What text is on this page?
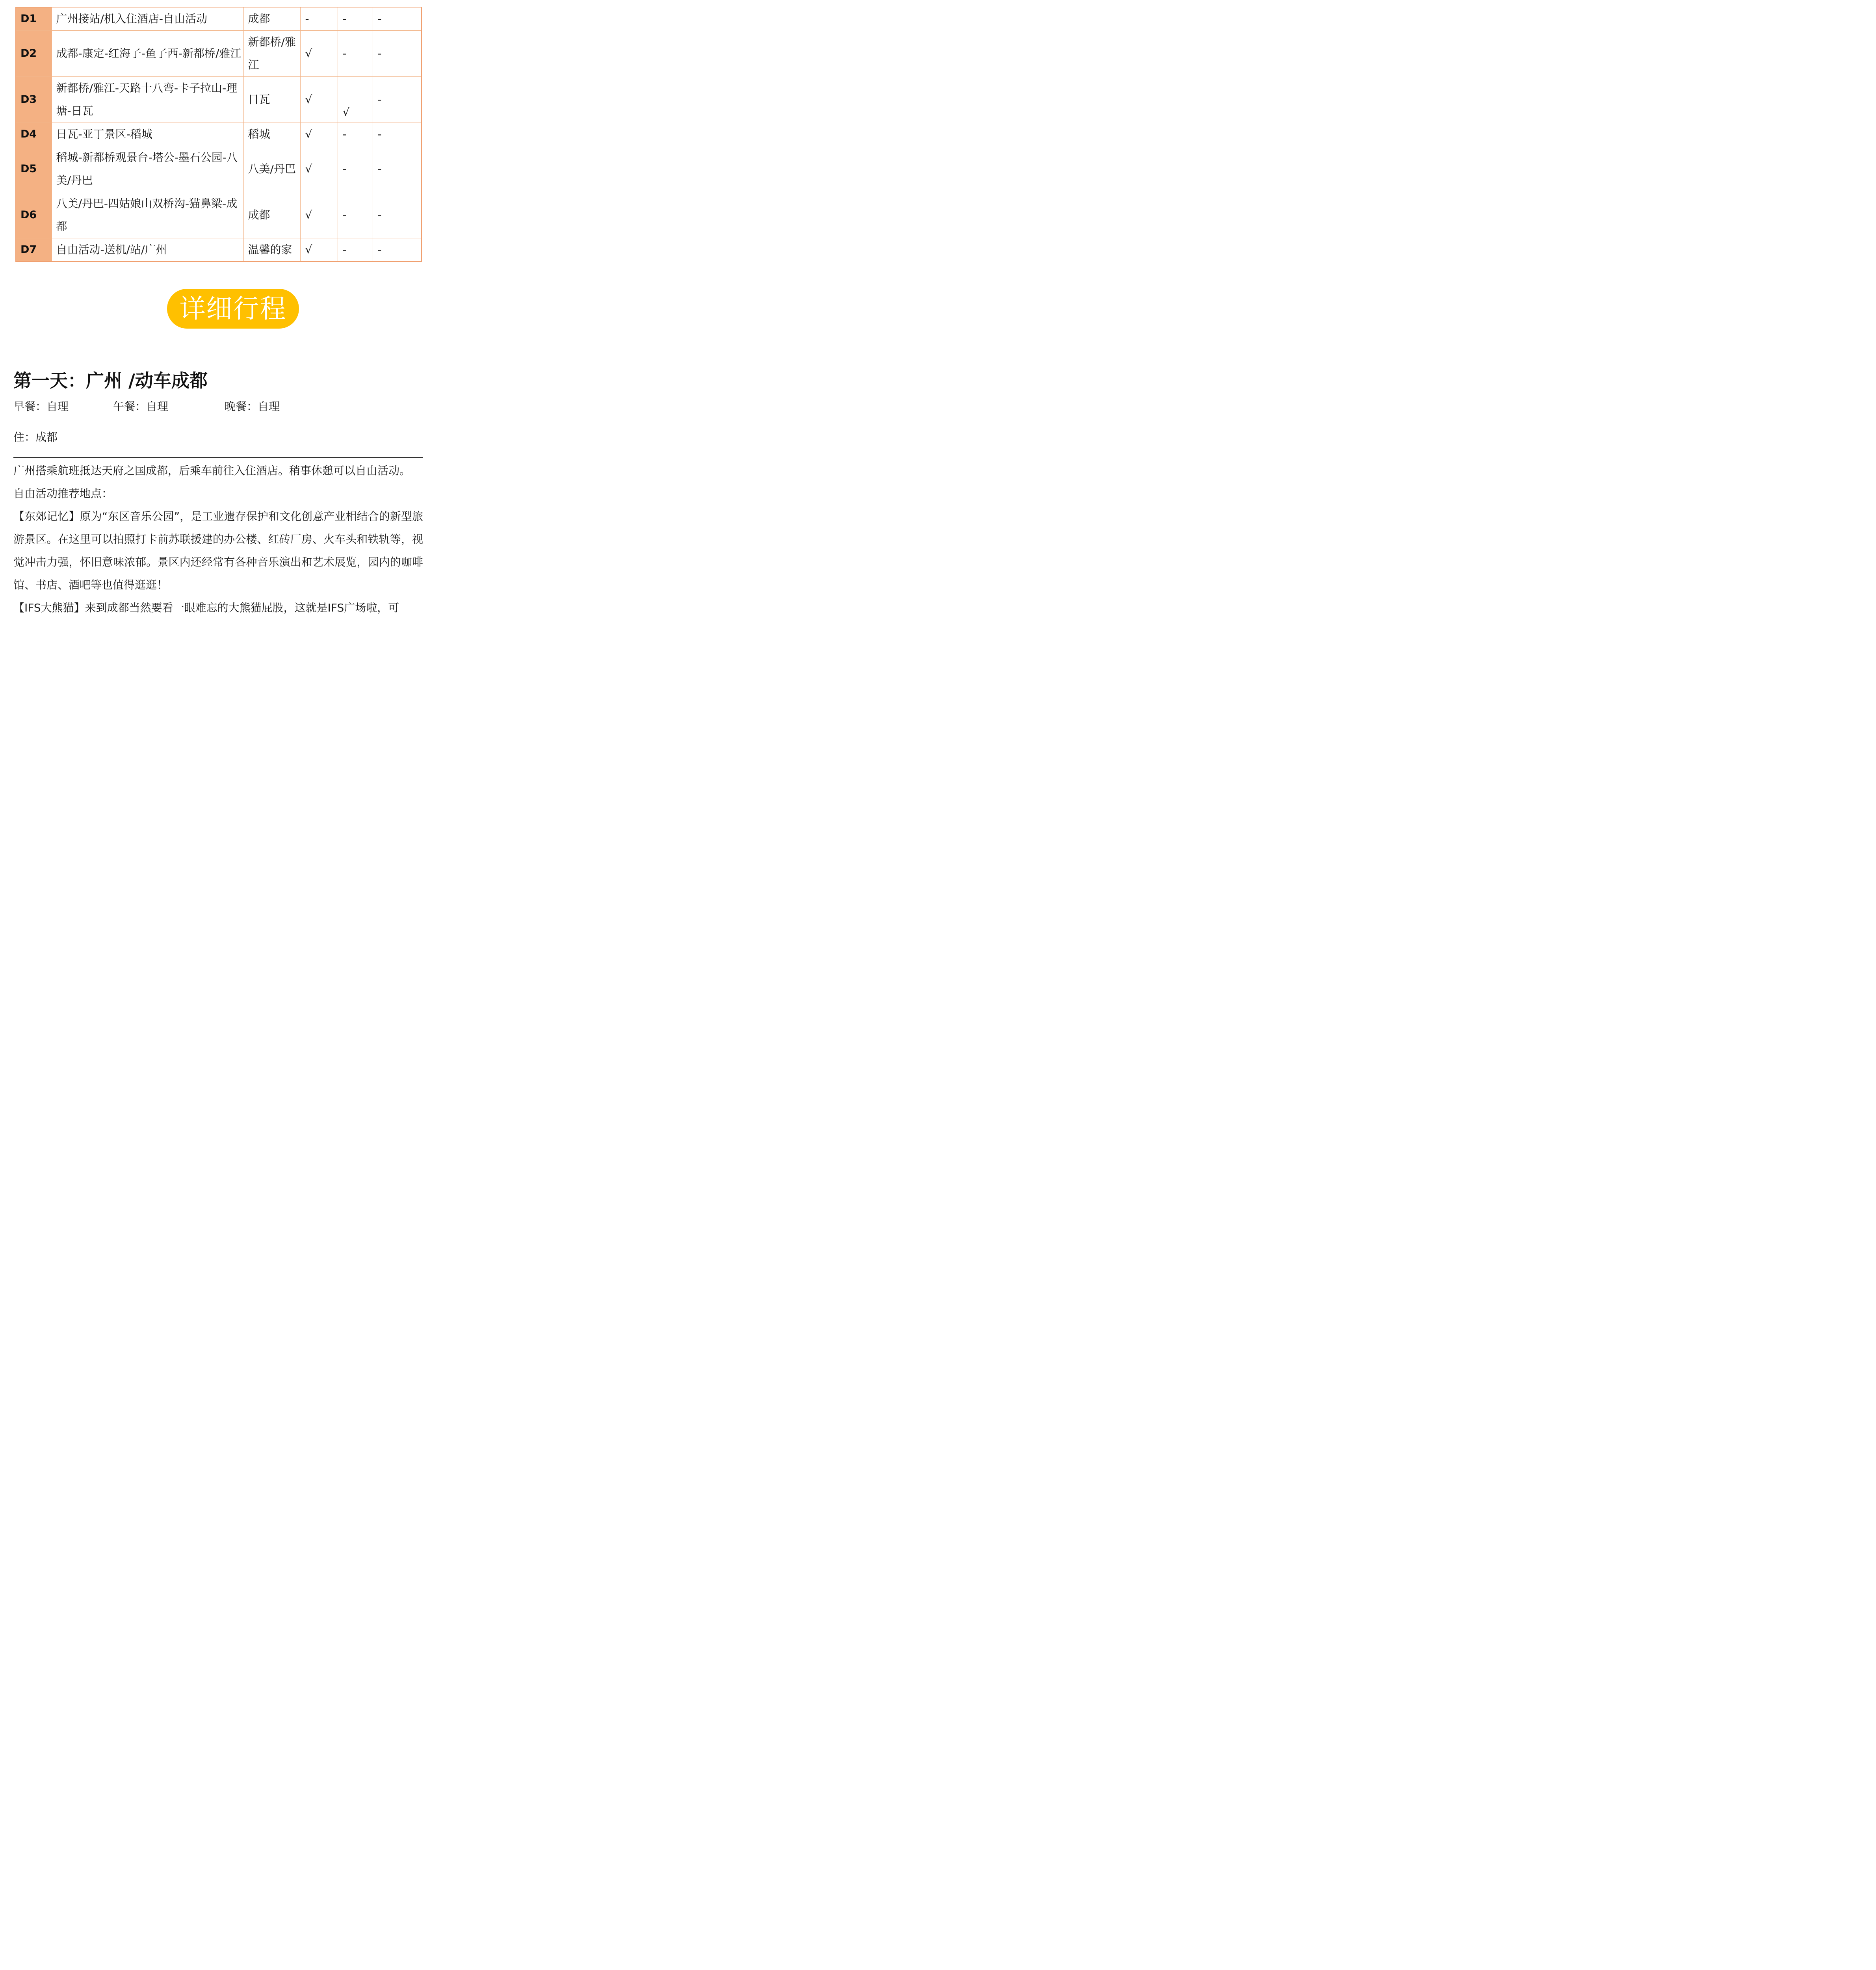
D1	广州接站/机入住酒店-自由活动	成都	-	-	-
D2	成都-康定-红海子-鱼子西-新都桥/雅江	新都桥/雅江	√	-	-
D3	新都桥/雅江-天路十八弯-卡子拉山-理塘-日瓦	日瓦	√	√	-
D4	日瓦-亚丁景区-稻城	稻城	√	-	-
D5	稻城-新都桥观景台-塔公-墨石公园-八美/丹巴	八美/丹巴	√	-	-
D6	八美/丹巴-四姑娘山双桥沟-猫鼻梁-成都	成都	√	-	-
D7	自由活动-送机/站/广州	温馨的家	√	-	-
详细行程
第一天：广州 /动车成都
早餐：自理	午餐：自理	晚餐：自理
住：成都

广州搭乘航班抵达天府之国成都，后乘车前往入住酒店。稍事休憩可以自由活动。

自由活动推荐地点：

【东郊记忆】原为“东区音乐公园”，是工业遗存保护和文化创意产业相结合的新型旅游景区。在这里可以拍照打卡前苏联援建的办公楼、红砖厂房、火车头和铁轨等，视觉冲击力强，怀旧意味浓郁。景区内还经常有各种音乐演出和艺术展览，园内的咖啡馆、书店、酒吧等也值得逛逛！

【IFS大熊猫】来到成都当然要看一眼难忘的大熊猫屁股，这就是IFS广场啦，可
